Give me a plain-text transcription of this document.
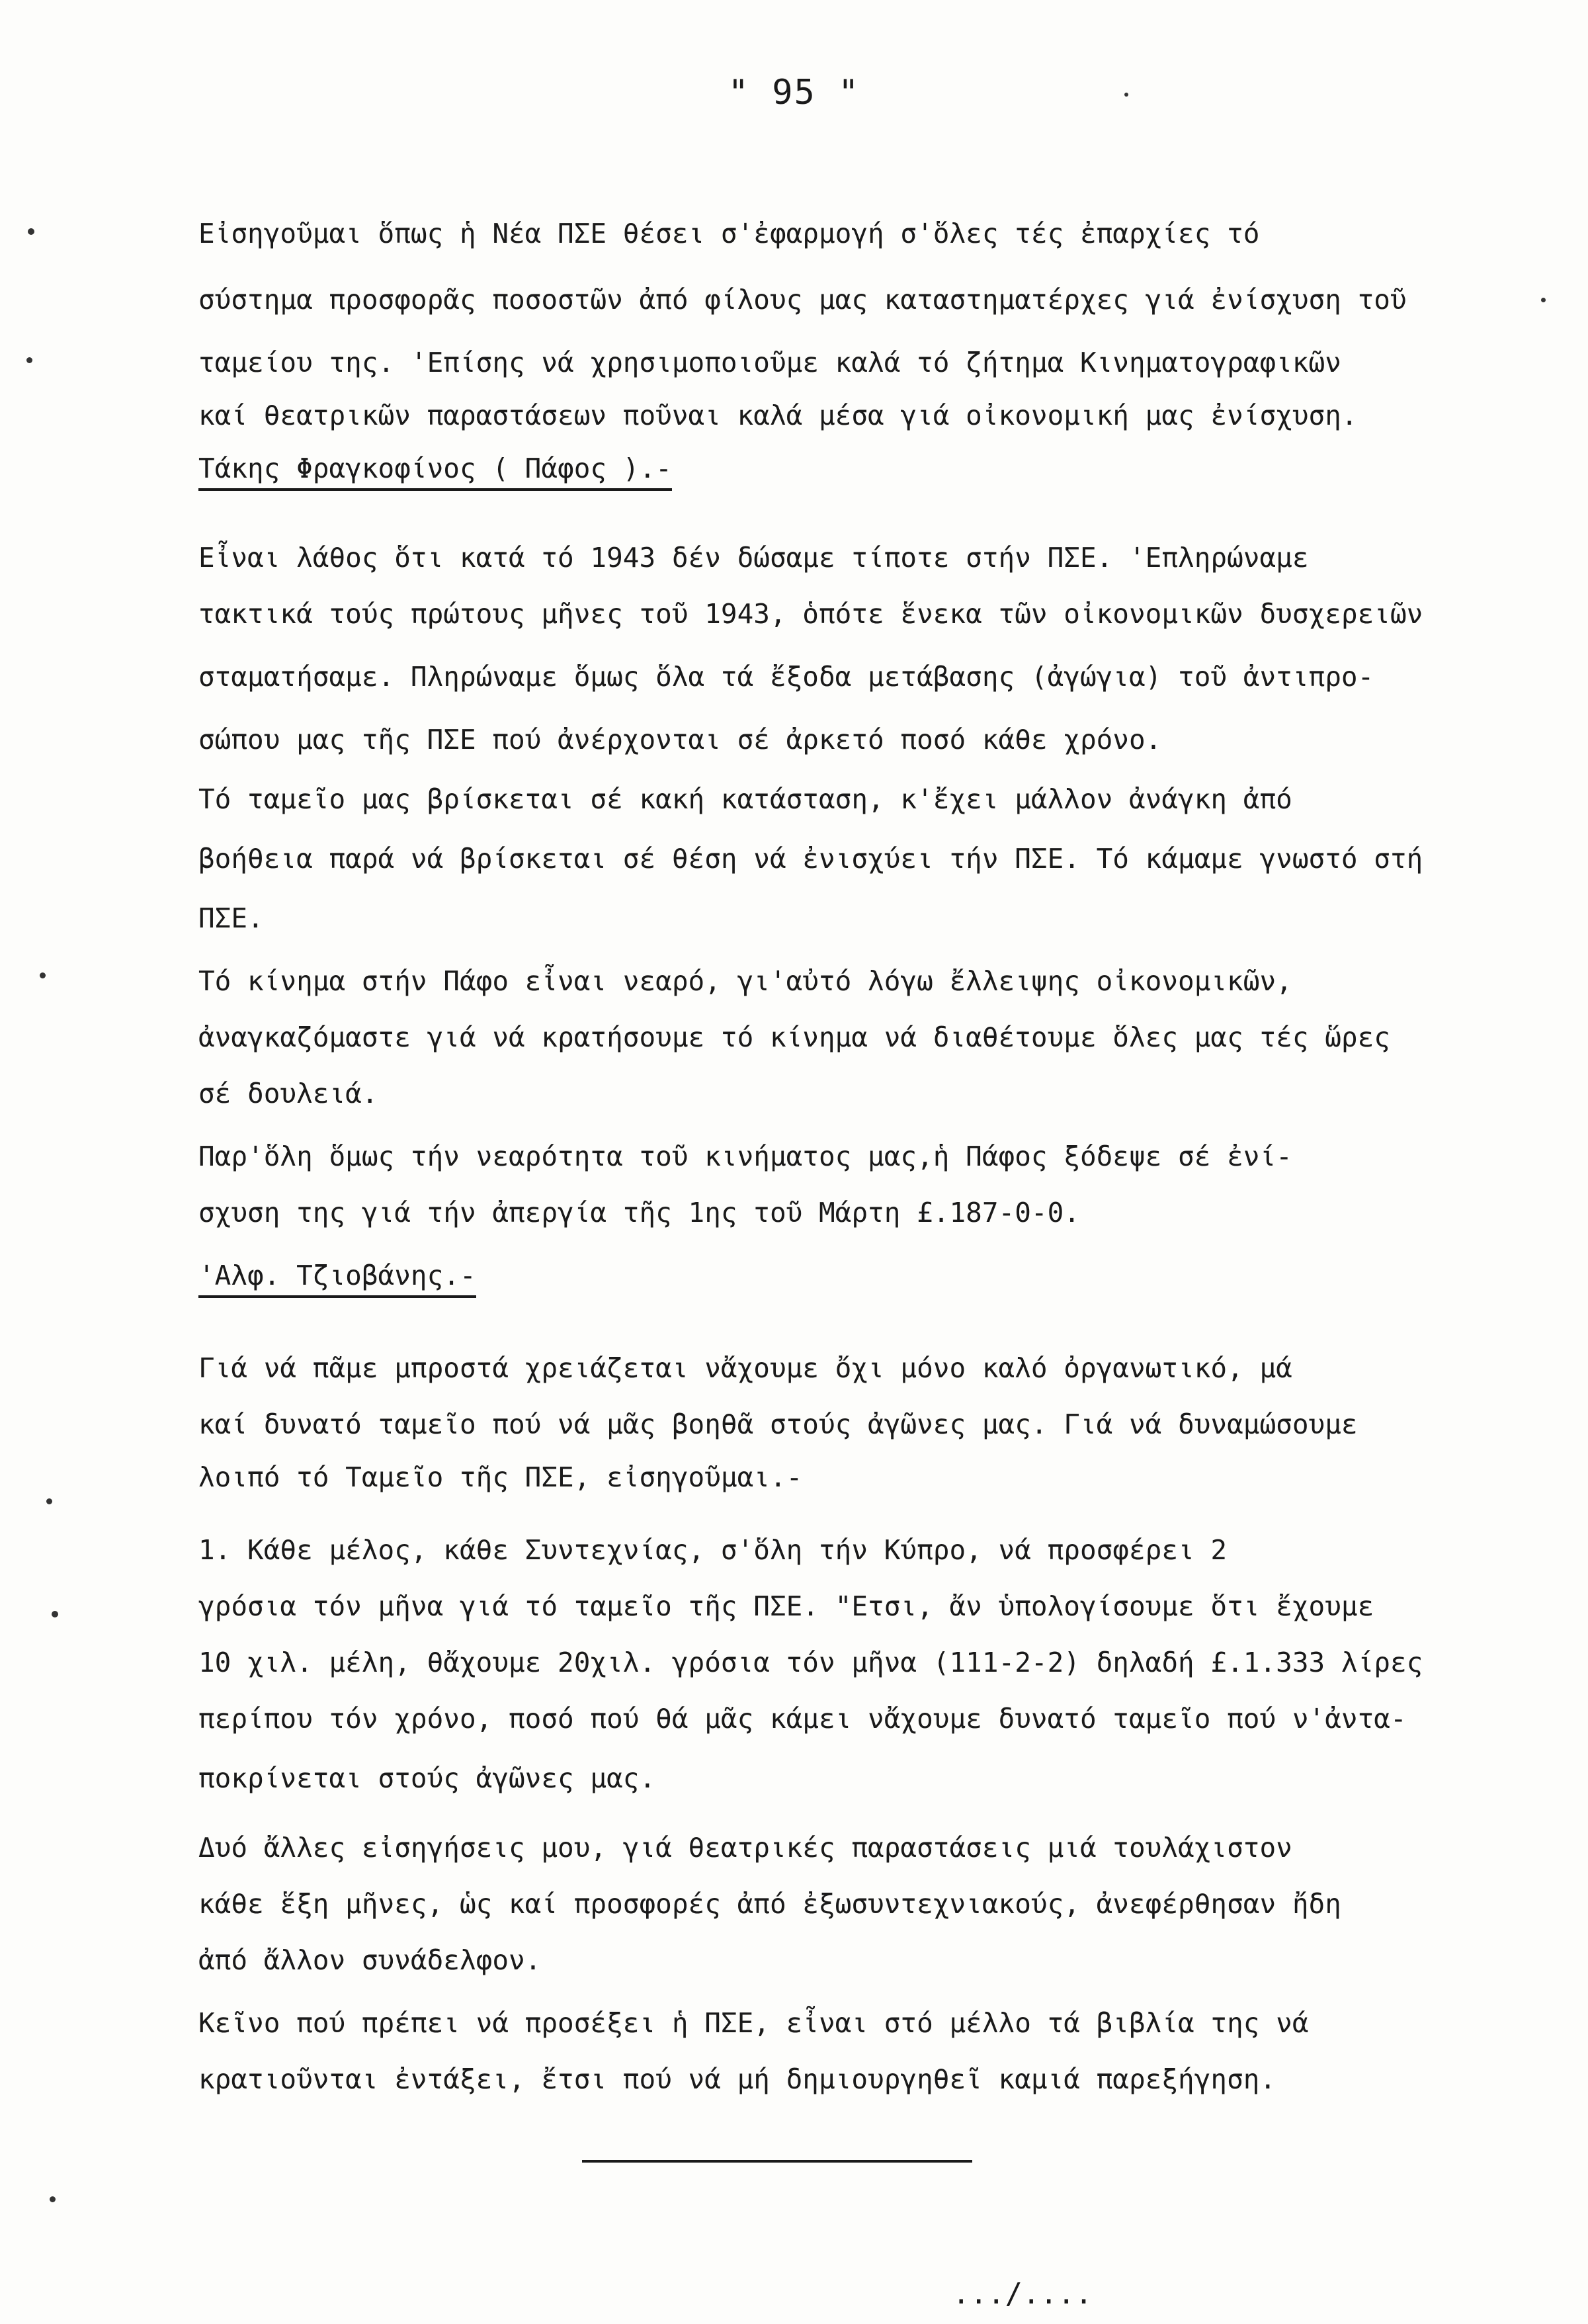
" 95 "
Εἰσηγοῦμαι ὅπως ἡ Νέα ΠΣΕ θέσει σ'ἐφαρμογή σ'ὅλες τές ἐπαρχίες τό
σύστημα προσφορᾶς ποσοστῶν ἀπό φίλους μας καταστηματέρχες γιά ἐνίσχυση τοῦ
ταμείου της. 'Επίσης νά χρησιμοποιοῦμε καλά τό ζήτημα Κινηματογραφικῶν
καί θεατρικῶν παραστάσεων ποῦναι καλά μέσα γιά οἰκονομική μας ἐνίσχυση.
Τάκης Φραγκοφίνος ( Πάφος ).-
Εἶναι λάθος ὅτι κατά τό 1943 δέν δώσαμε τίποτε στήν ΠΣΕ. 'Επληρώναμε
τακτικά τούς πρώτους μῆνες τοῦ 1943, ὁπότε ἕνεκα τῶν οἰκονομικῶν δυσχερειῶν
σταματήσαμε. Πληρώναμε ὅμως ὅλα τά ἔξοδα μετάβασης (ἀγώγια) τοῦ ἀντιπρο-
σώπου μας τῆς ΠΣΕ πού ἀνέρχονται σέ ἀρκετό ποσό κάθε χρόνο.
Τό ταμεῖο μας βρίσκεται σέ κακή κατάσταση, κ'ἔχει μάλλον ἀνάγκη ἀπό
βοήθεια παρά νά βρίσκεται σέ θέση νά ἐνισχύει τήν ΠΣΕ. Τό κάμαμε γνωστό στή
ΠΣΕ.
Τό κίνημα στήν Πάφο εἶναι νεαρό, γι'αὐτό λόγω ἔλλειψης οἰκονομικῶν,
ἀναγκαζόμαστε γιά νά κρατήσουμε τό κίνημα νά διαθέτουμε ὅλες μας τές ὥρες
σέ δουλειά.
Παρ'ὅλη ὅμως τήν νεαρότητα τοῦ κινήματος μας,ἡ Πάφος ξόδεψε σέ ἐνί-
σχυση της γιά τήν ἀπεργία τῆς 1ης τοῦ Μάρτη £.187-0-0.
'Αλφ. Τζιοβάνης.-
Γιά νά πᾶμε μπροστά χρειάζεται νἄχουμε ὄχι μόνο καλό ὀργανωτικό, μά
καί δυνατό ταμεῖο πού νά μᾶς βοηθᾶ στούς ἀγῶνες μας. Γιά νά δυναμώσουμε
λοιπό τό Ταμεῖο τῆς ΠΣΕ, εἰσηγοῦμαι.-
1. Κάθε μέλος, κάθε Συντεχνίας, σ'ὅλη τήν Κύπρο, νά προσφέρει 2
γρόσια τόν μῆνα γιά τό ταμεῖο τῆς ΠΣΕ. "Ετσι, ἄν ὑπολογίσουμε ὅτι ἔχουμε
10 χιλ. μέλη, θἄχουμε 20χιλ. γρόσια τόν μῆνα (111-2-2) δηλαδή £.1.333 λίρες
περίπου τόν χρόνο, ποσό πού θά μᾶς κάμει νἄχουμε δυνατό ταμεῖο πού ν'ἀντα-
ποκρίνεται στούς ἀγῶνες μας.
Δυό ἄλλες εἰσηγήσεις μου, γιά θεατρικές παραστάσεις μιά τουλάχιστον
κάθε ἕξη μῆνες, ὡς καί προσφορές ἀπό ἐξωσυντεχνιακούς, ἀνεφέρθησαν ἤδη
ἀπό ἄλλον συνάδελφον.
Κεῖνο πού πρέπει νά προσέξει ἡ ΠΣΕ, εἶναι στό μέλλο τά βιβλία της νά
κρατιοῦνται ἐντάξει, ἔτσι πού νά μή δημιουργηθεῖ καμιά παρεξήγηση.
.../....
